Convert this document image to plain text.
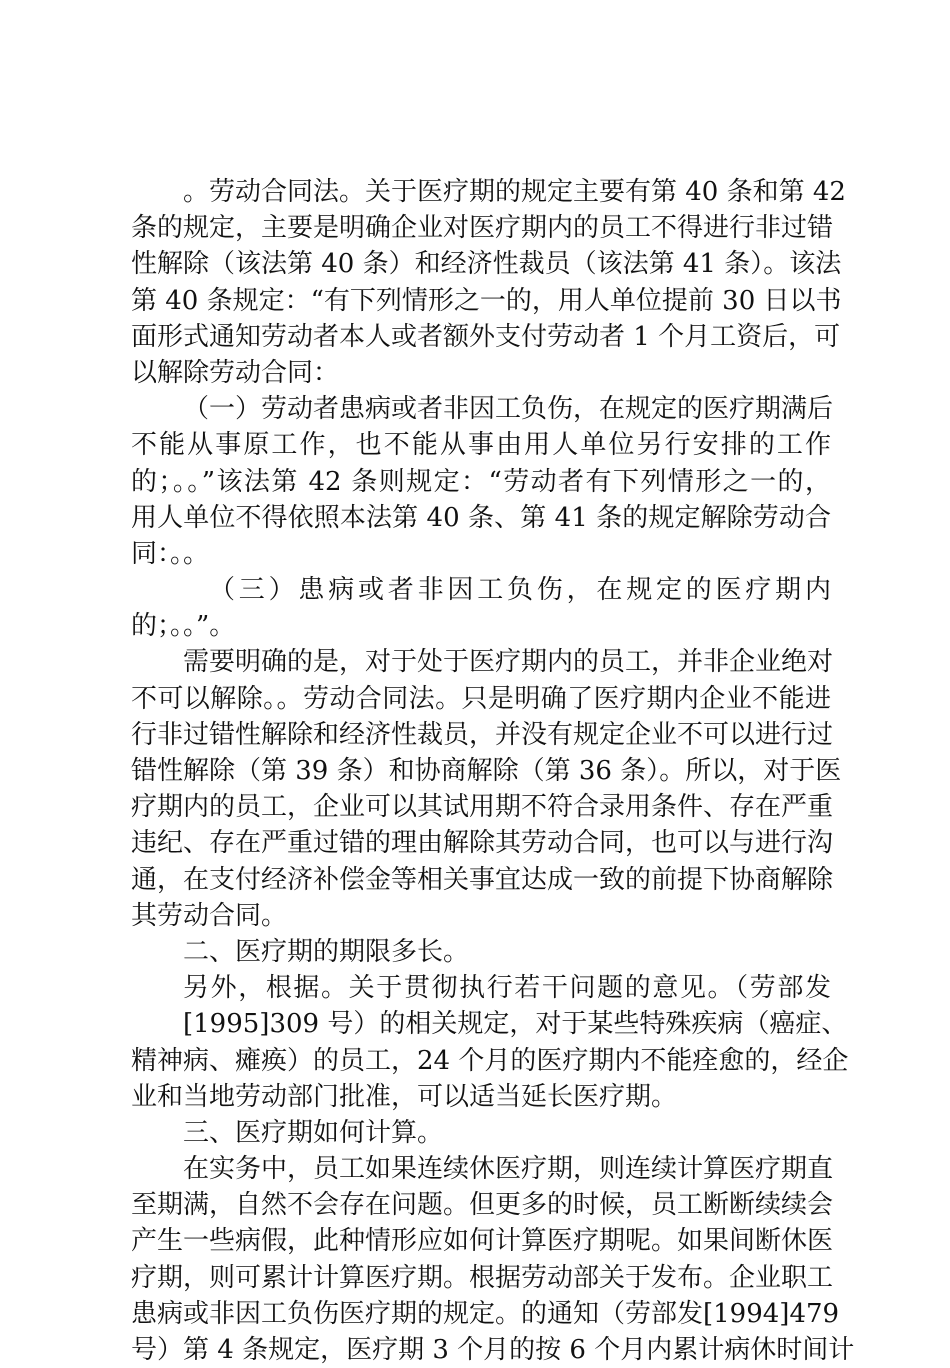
。劳动合同法。关于医疗期的规定主要有第 40 条和第 42
条的规定，主要是明确企业对医疗期内的员工不得进行非过错
性解除（该法第 40 条）和经济性裁员（该法第 41 条）。该法
第 40 条规定：“有下列情形之一的，用人单位提前 30 日以书
面形式通知劳动者本人或者额外支付劳动者 1 个月工资后，可
以解除劳动合同：
（一）劳动者患病或者非因工负伤，在规定的医疗期满后
不能从事原工作，也不能从事由用人单位另行安排的工作
的；。。”该法第 42 条则规定：“劳动者有下列情形之一的，
用人单位不得依照本法第 40 条、第 41 条的规定解除劳动合
同：。。
（三）患病或者非因工负伤，在规定的医疗期内
的；。。”。
需要明确的是，对于处于医疗期内的员工，并非企业绝对
不可以解除。。劳动合同法。只是明确了医疗期内企业不能进
行非过错性解除和经济性裁员，并没有规定企业不可以进行过
错性解除（第 39 条）和协商解除（第 36 条）。所以，对于医
疗期内的员工，企业可以其试用期不符合录用条件、存在严重
违纪、存在严重过错的理由解除其劳动合同，也可以与进行沟
通，在支付经济补偿金等相关事宜达成一致的前提下协商解除
其劳动合同。
二、医疗期的期限多长。
另外，根据。关于贯彻执行若干问题的意见。（劳部发
[1995]309 号）的相关规定，对于某些特殊疾病（癌症、
精神病、瘫痪）的员工，24 个月的医疗期内不能痊愈的，经企
业和当地劳动部门批准，可以适当延长医疗期。
三、医疗期如何计算。
在实务中，员工如果连续休医疗期，则连续计算医疗期直
至期满，自然不会存在问题。但更多的时候，员工断断续续会
产生一些病假，此种情形应如何计算医疗期呢。如果间断休医
疗期，则可累计计算医疗期。根据劳动部关于发布。企业职工
患病或非因工负伤医疗期的规定。的通知（劳部发[1994]479
号）第 4 条规定，医疗期 3 个月的按 6 个月内累计病休时间计
